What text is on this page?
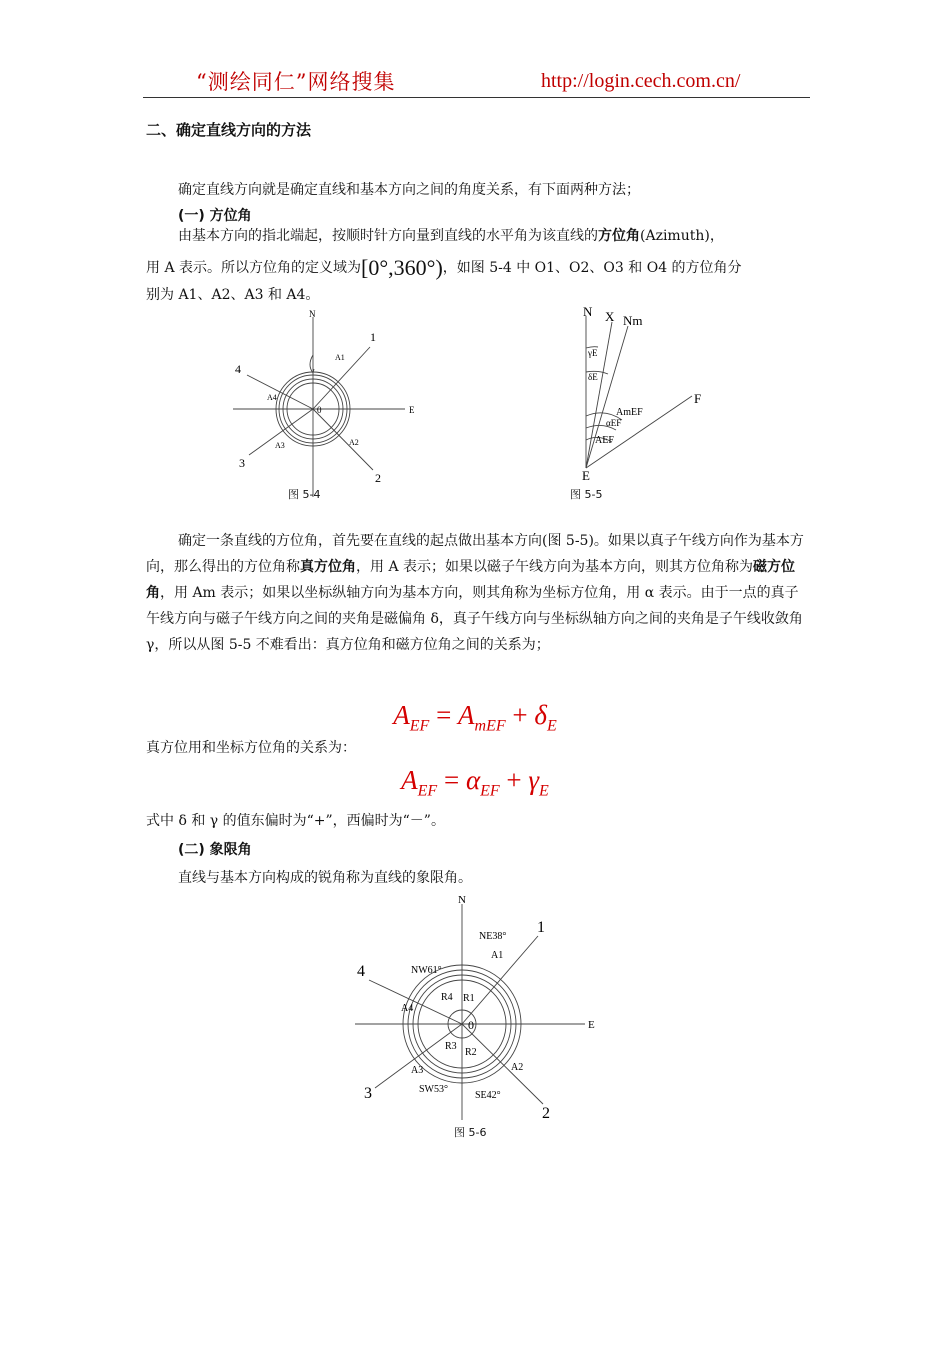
“测绘同仁”网络搜集	http://login.cech.com.cn/
二、确定直线方向的方法
确定直线方向就是确定直线和基本方向之间的角度关系，有下面两种方法；
(一) 方位角
由基本方向的指北端起，按顺时针方向量到直线的水平角为该直线的方位角(Azimuth)，
用 A 表示。所以方位角的定义域为[0°,360°)，如图 5-4 中 O1、O2、O3 和 O4 的方位角分
别为 A1、A2、A3 和 A4。
N
E
0
1
2
3
4
A1
A2
A3
A4
图 5-4
N X Nm
F
E
γE
δE
AmEF
αEF
AEF
图 5-5
确定一条直线的方位角，首先要在直线的起点做出基本方向(图 5-5)。如果以真子午线方向作为基本方向，那么得出的方位角称真方位角，用 A 表示；如果以磁子午线方向为基本方向，则其方位角称为磁方位角，用 Am 表示；如果以坐标纵轴方向为基本方向，则其角称为坐标方位角，用 α 表示。由于一点的真子午线方向与磁子午线方向之间的夹角是磁偏角 δ，真子午线方向与坐标纵轴方向之间的夹角是子午线收敛角 γ，所以从图 5-5 不难看出：真方位角和磁方位角之间的关系为；
$A_{EF} = A_{mEF} + \delta_E$
真方位用和坐标方位角的关系为：
$A_{EF} = \alpha_{EF} + \gamma_E$
式中 δ 和 γ 的值东偏时为“+”，西偏时为“－”。
(二) 象限角
直线与基本方向构成的锐角称为直线的象限角。
N
E
0
1
2
3
4
NE38°
NW61°
SW53°
SE42°
A1
A2
A3
A4
R1
R2
R3
R4
图 5-6
